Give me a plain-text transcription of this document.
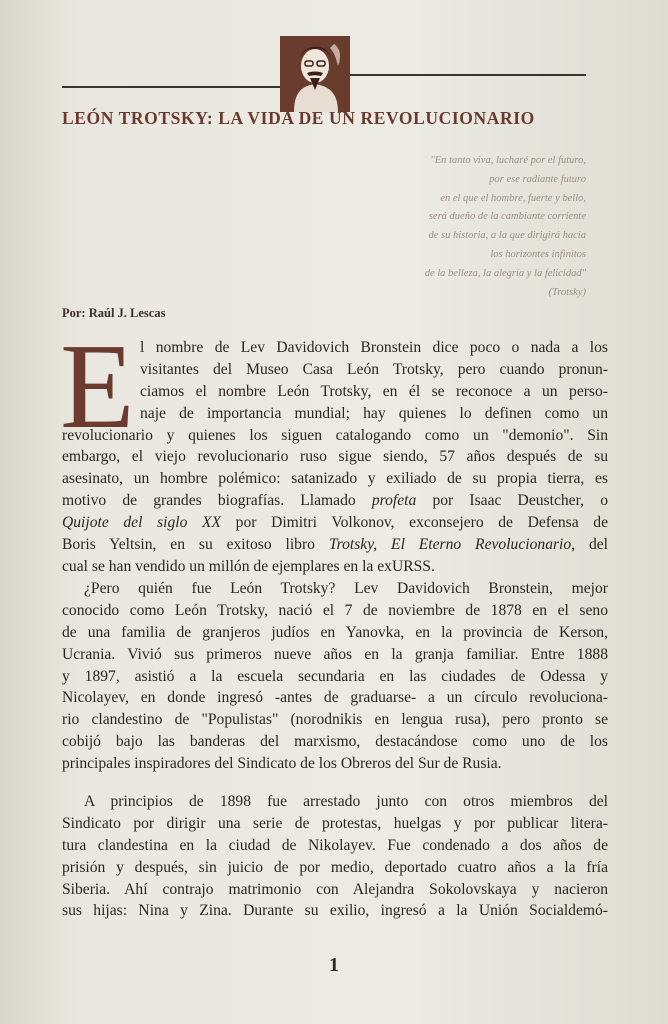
LEÓN TROTSKY: LA VIDA DE UN REVOLUCIONARIO
"En tanto viva, lucharé por el futuro,
por ese radiante futuro
en el que el hombre, fuerte y bello,
será dueño de la cambiante corriente
de su historia, a la que dirigirá hacia
los horizontes infinitos
de la belleza, la alegría y la felicidad"
(Trotsky)
Por: Raúl J. Lescas
E l nombre de Lev Davidovich Bronstein dice poco o nada a los
visitantes del Museo Casa León Trotsky, pero cuando pronun-
ciamos el nombre León Trotsky, en él se reconoce a un perso-
naje de importancia mundial; hay quienes lo definen como un
revolucionario y quienes los siguen catalogando como un "demonio". Sin
embargo, el viejo revolucionario ruso sigue siendo, 57 años después de su
asesinato, un hombre polémico: satanizado y exiliado de su propia tierra, es
motivo de grandes biografías. Llamado profeta por Isaac Deustcher, o
Quijote del siglo XX por Dimitri Volkonov, exconsejero de Defensa de
Boris Yeltsin, en su exitoso libro Trotsky, El Eterno Revolucionario, del
cual se han vendido un millón de ejemplares en la exURSS.
¿Pero quién fue León Trotsky? Lev Davidovich Bronstein, mejor
conocido como León Trotsky, nació el 7 de noviembre de 1878 en el seno
de una familia de granjeros judíos en Yanovka, en la provincia de Kerson,
Ucrania. Vivió sus primeros nueve años en la granja familiar. Entre 1888
y 1897, asistió a la escuela secundaria en las ciudades de Odessa y
Nicolayev, en donde ingresó -antes de graduarse- a un círculo revoluciona-
rio clandestino de "Populistas" (norodnikis en lengua rusa), pero pronto se
cobijó bajo las banderas del marxismo, destacándose como uno de los
principales inspiradores del Sindicato de los Obreros del Sur de Rusia.
A principios de 1898 fue arrestado junto con otros miembros del
Sindicato por dirigir una serie de protestas, huelgas y por publicar litera-
tura clandestina en la ciudad de Nikolayev. Fue condenado a dos años de
prisión y después, sin juicio de por medio, deportado cuatro años a la fría
Siberia. Ahí contrajo matrimonio con Alejandra Sokolovskaya y nacieron
sus hijas: Nina y Zina. Durante su exilio, ingresó a la Unión Socialdemó-
1
